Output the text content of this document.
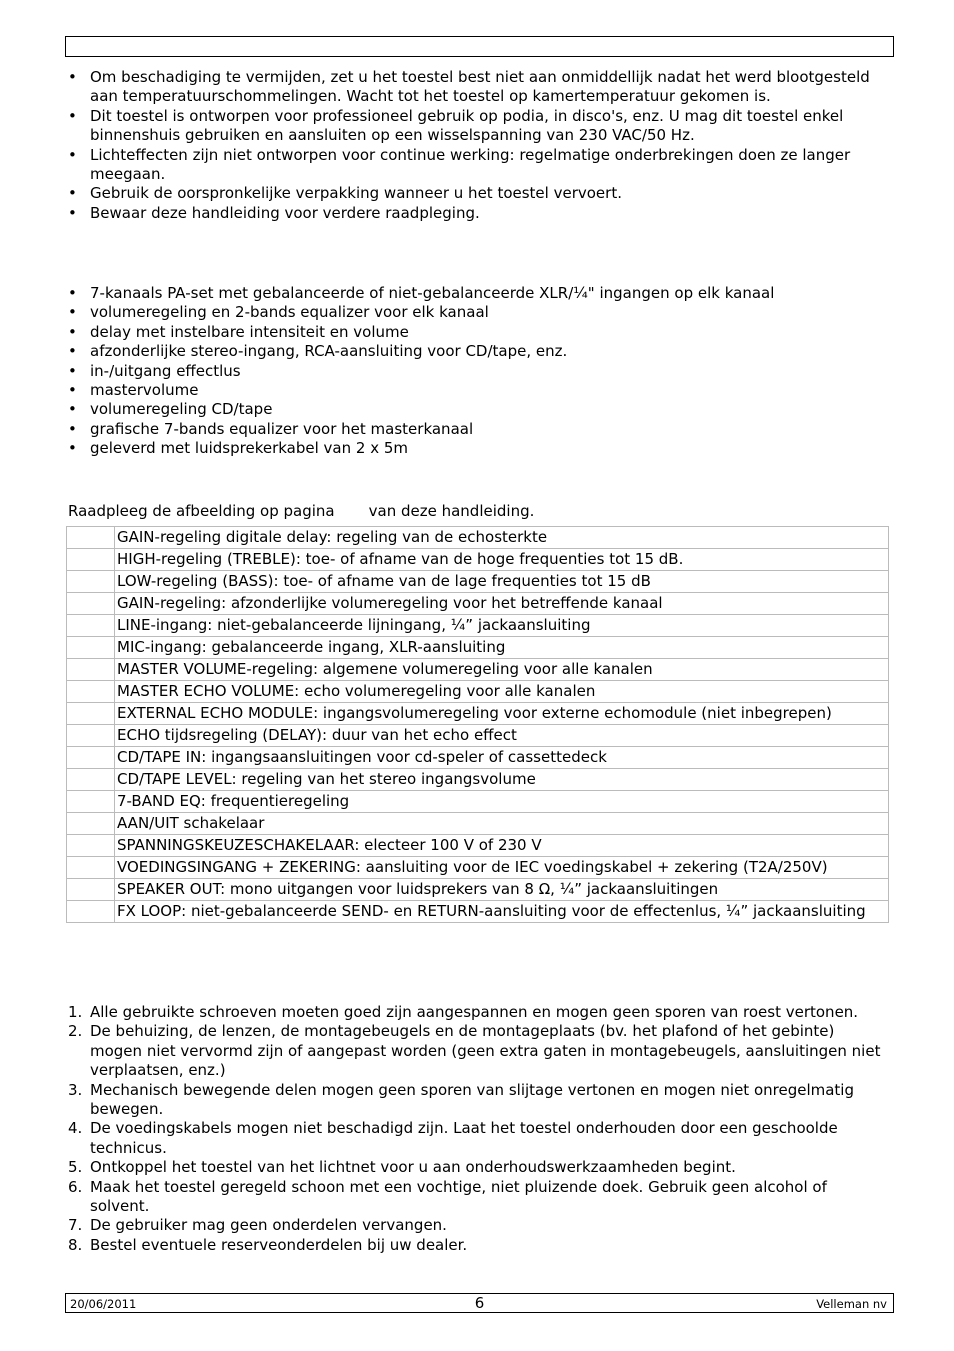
• Om beschadiging te vermijden, zet u het toestel best niet aan onmiddellijk nadat het werd blootgesteld aan temperatuurschommelingen. Wacht tot het toestel op kamertemperatuur gekomen is.
• Dit toestel is ontworpen voor professioneel gebruik op podia, in disco's, enz. U mag dit toestel enkel binnenshuis gebruiken en aansluiten op een wisselspanning van 230 VAC/50 Hz.
• Lichteffecten zijn niet ontworpen voor continue werking: regelmatige onderbrekingen doen ze langer meegaan.
• Gebruik de oorspronkelijke verpakking wanneer u het toestel vervoert.
• Bewaar deze handleiding voor verdere raadpleging.
• 7-kanaals PA-set met gebalanceerde of niet-gebalanceerde XLR/¼" ingangen op elk kanaal
• volumeregeling en 2-bands equalizer voor elk kanaal
• delay met instelbare intensiteit en volume
• afzonderlijke stereo-ingang, RCA-aansluiting voor CD/tape, enz.
• in-/uitgang effectlus
• mastervolume
• volumeregeling CD/tape
• grafische 7-bands equalizer voor het masterkanaal
• geleverd met luidsprekerkabel van 2 x 5m
Raadpleeg de afbeelding op pagina van deze handleiding.
	GAIN-regeling digitale delay: regeling van de echosterkte
	HIGH-regeling (TREBLE): toe- of afname van de hoge frequenties tot 15 dB.
	LOW-regeling (BASS): toe- of afname van de lage frequenties tot 15 dB
	GAIN-regeling: afzonderlijke volumeregeling voor het betreffende kanaal
	LINE-ingang: niet-gebalanceerde lijningang, ¼” jackaansluiting
	MIC-ingang: gebalanceerde ingang, XLR-aansluiting
	MASTER VOLUME-regeling: algemene volumeregeling voor alle kanalen
	MASTER ECHO VOLUME: echo volumeregeling voor alle kanalen
	EXTERNAL ECHO MODULE: ingangsvolumeregeling voor externe echomodule (niet inbegrepen)
	ECHO tijdsregeling (DELAY): duur van het echo effect
	CD/TAPE IN: ingangsaansluitingen voor cd-speler of cassettedeck
	CD/TAPE LEVEL: regeling van het stereo ingangsvolume
	7-BAND EQ: frequentieregeling
	AAN/UIT schakelaar
	SPANNINGSKEUZESCHAKELAAR: electeer 100 V of 230 V
	VOEDINGSINGANG + ZEKERING: aansluiting voor de IEC voedingskabel + zekering (T2A/250V)
	SPEAKER OUT: mono uitgangen voor luidsprekers van 8 Ω, ¼” jackaansluitingen
	FX LOOP: niet-gebalanceerde SEND- en RETURN-aansluiting voor de effectenlus, ¼” jackaansluiting
1. Alle gebruikte schroeven moeten goed zijn aangespannen en mogen geen sporen van roest vertonen.
2. De behuizing, de lenzen, de montagebeugels en de montageplaats (bv. het plafond of het gebinte) mogen niet vervormd zijn of aangepast worden (geen extra gaten in montagebeugels, aansluitingen niet verplaatsen, enz.)
3. Mechanisch bewegende delen mogen geen sporen van slijtage vertonen en mogen niet onregelmatig bewegen.
4. De voedingskabels mogen niet beschadigd zijn. Laat het toestel onderhouden door een geschoolde technicus.
5. Ontkoppel het toestel van het lichtnet voor u aan onderhoudswerkzaamheden begint.
6. Maak het toestel geregeld schoon met een vochtige, niet pluizende doek. Gebruik geen alcohol of solvent.
7. De gebruiker mag geen onderdelen vervangen.
8. Bestel eventuele reserveonderdelen bij uw dealer.
20/06/2011	6	Velleman nv
